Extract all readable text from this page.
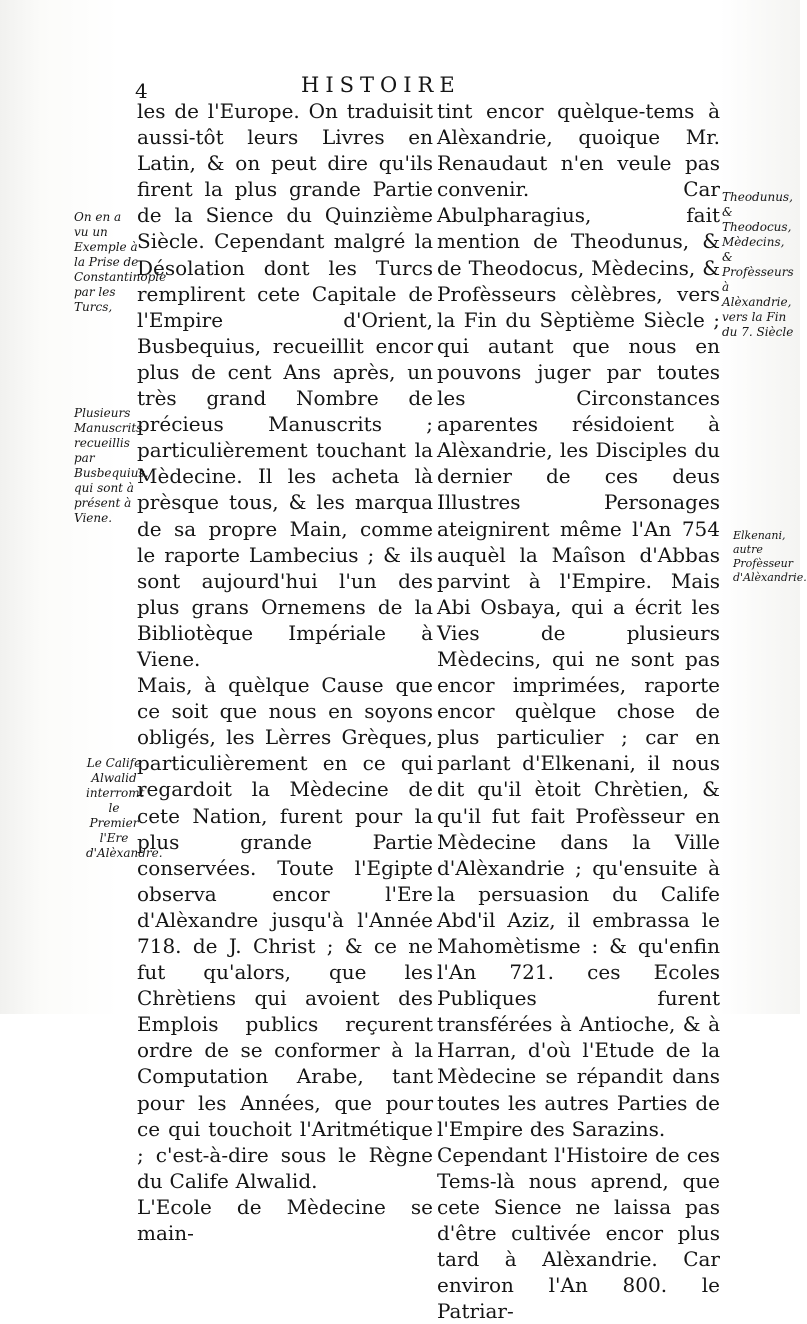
4	HISTOIRE

les de l'Europe. On traduisit aussi-tôt leurs Livres en Latin, & on peut dire qu'ils firent la plus grande Partie de la Sience du Quinzième Siècle. Cependant malgré la Désolation dont les Turcs remplirent cete Capitale de l'Empire d'Orient, Busbequius, recueillit encor plus de cent Ans après, un très grand Nombre de précieus Manuscrits ; particulièrement touchant la Mèdecine. Il les acheta là prèsque tous, & les marqua de sa propre Main, comme le raporte Lambecius ; & ils sont aujourd'hui l'un des plus grans Ornemens de la Bibliotèque Impériale à Viene.

Mais, à quèlque Cause que ce soit que nous en soyons obligés, les Lèrres Grèques, particulièrement en ce qui regardoit la Mèdecine de cete Nation, furent pour la plus grande Partie conservées. Toute l'Egipte observa encor l'Ere d'Alèxandre jusqu'à l'Année 718. de J. Christ ; & ce ne fut qu'alors, que les Chrètiens qui avoient des Emplois publics reçurent ordre de se conformer à la Computation Arabe, tant pour les Années, que pour ce qui touchoit l'Aritmétique ; c'est-à-dire sous le Règne du Calife Alwalid.

L'Ecole de Mèdecine se main-

tint encor quèlque-tems à Alèxandrie, quoique Mr. Renaudaut n'en veule pas convenir. Car Abulpharagius, fait mention de Theodunus, & de Theodocus, Mèdecins, & Profèsseurs cèlèbres, vers la Fin du Sèptième Siècle ; qui autant que nous en pouvons juger par toutes les Circonstances aparentes résidoient à Alèxandrie, les Disciples du dernier de ces deus Illustres Personages ateignirent même l'An 754 auquèl la Maîson d'Abbas parvint à l'Empire. Mais Abi Osbaya, qui a écrit les Vies de plusieurs Mèdecins, qui ne sont pas encor imprimées, raporte encor quèlque chose de plus particulier ; car en parlant d'Elkenani, il nous dit qu'il ètoit Chrètien, & qu'il fut fait Profèsseur en Mèdecine dans la Ville d'Alèxandrie ; qu'ensuite à la persuasion du Calife Abd'il Aziz, il embrassa le Mahomètisme : & qu'enfin l'An 721. ces Ecoles Publiques furent transférées à Antioche, & à Harran, d'où l'Etude de la Mèdecine se répandit dans toutes les autres Parties de l'Empire des Sarazins.

Cependant l'Histoire de ces Tems-là nous aprend, que cete Sience ne laissa pas d'être cultivée encor plus tard à Alèxandrie. Car environ l'An 800. le Patriar-

On en a vu un Exemple à la Prise de Constantinople par les Turcs,

Plusieurs Manuscrits recueillis par Busbequius, qui sont à présent à Viene.

Le Calife Alwalid interromt le Premier l'Ere d'Alèxandre.

Theodunus, & Theodocus, Mèdecins, & Profèsseurs à Alèxandrie, vers la Fin du 7. Siècle

Elkenani, autre Profèsseur d'Alèxandrie.
